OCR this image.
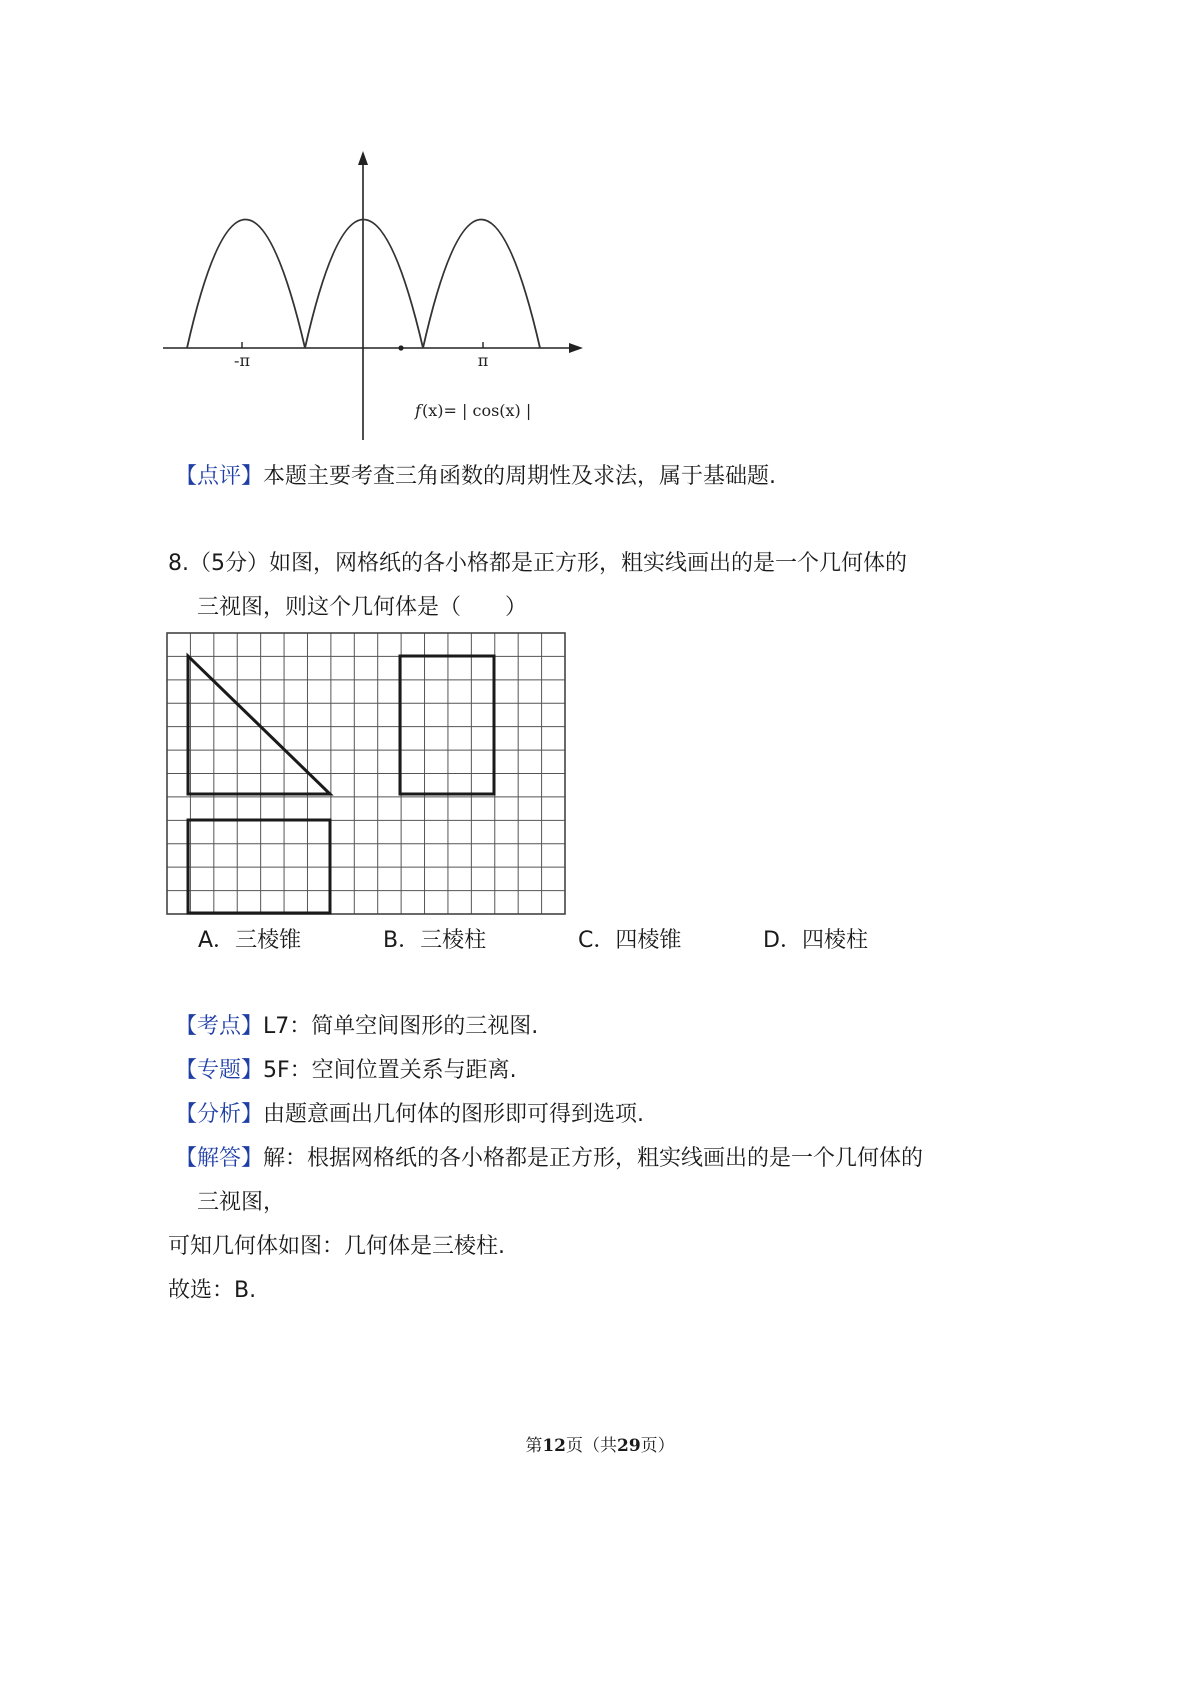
-π	π
f (x)= | cos(x) |
【点评】本题主要考查三角函数的周期性及求法，属于基础题.
8.（5分）如图，网格纸的各小格都是正方形，粗实线画出的是一个几何体的
三视图，则这个几何体是（　　）
A．三棱锥	B．三棱柱	C．四棱锥	D．四棱柱
【考点】L7：简单空间图形的三视图.
【专题】5F：空间位置关系与距离.
【分析】由题意画出几何体的图形即可得到选项.
【解答】解：根据网格纸的各小格都是正方形，粗实线画出的是一个几何体的
三视图，
可知几何体如图：几何体是三棱柱.
故选：B.
第12页（共29页）
